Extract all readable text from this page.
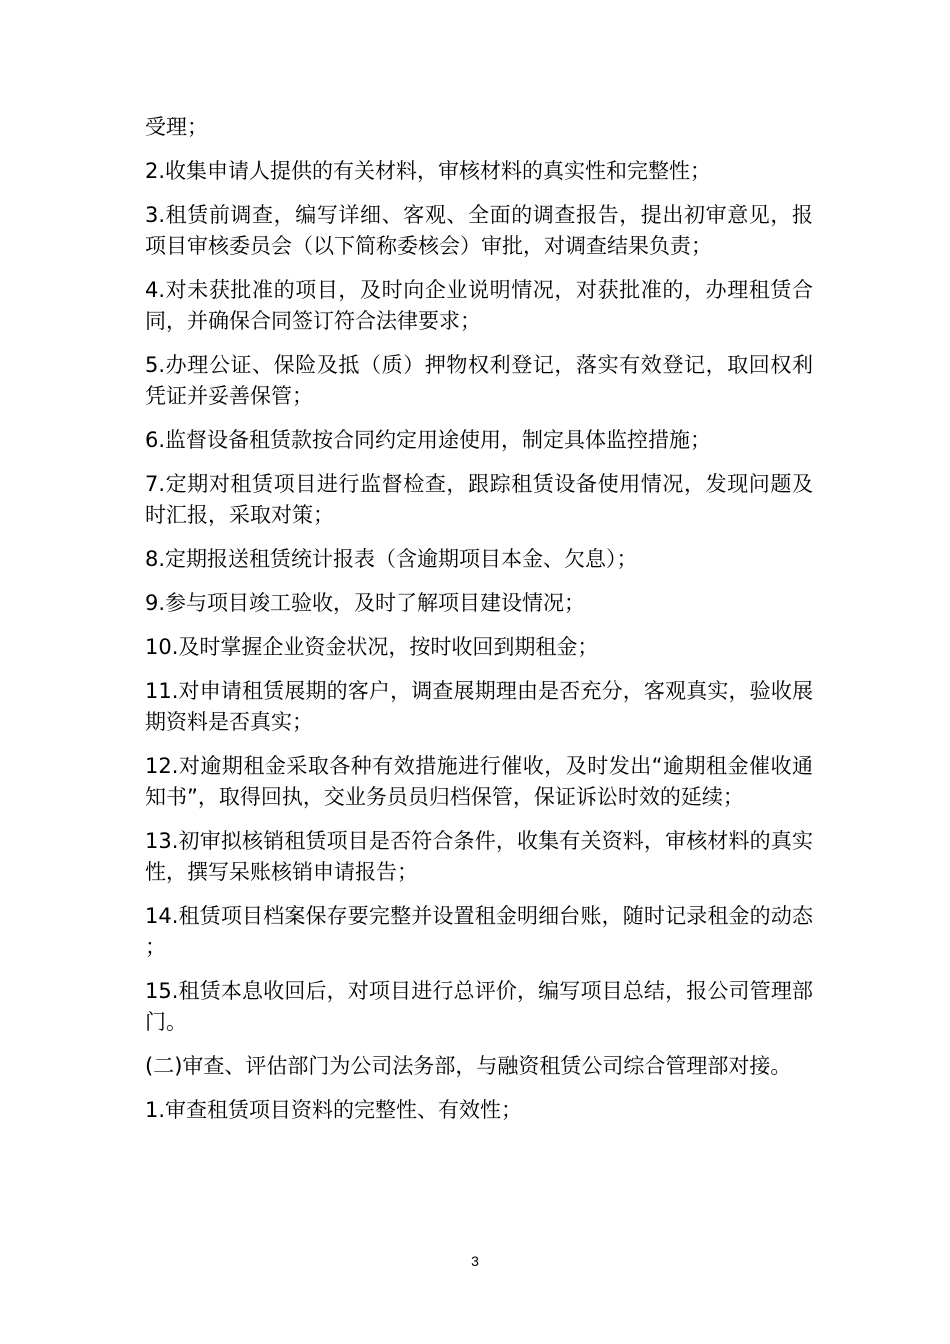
受理；

2.收集申请人提供的有关材料，审核材料的真实性和完整性；

3.租赁前调查，编写详细、客观、全面的调查报告，提出初审意见，报项目审核委员会（以下简称委核会）审批，对调查结果负责；

4.对未获批准的项目，及时向企业说明情况，对获批准的，办理租赁合同，并确保合同签订符合法律要求；

5.办理公证、保险及抵（质）押物权利登记，落实有效登记，取回权利凭证并妥善保管；

6.监督设备租赁款按合同约定用途使用，制定具体监控措施；

7.定期对租赁项目进行监督检查，跟踪租赁设备使用情况，发现问题及时汇报，采取对策；

8.定期报送租赁统计报表（含逾期项目本金、欠息）；

9.参与项目竣工验收，及时了解项目建设情况；

10.及时掌握企业资金状况，按时收回到期租金；

11.对申请租赁展期的客户，调查展期理由是否充分，客观真实，验收展期资料是否真实；

12.对逾期租金采取各种有效措施进行催收，及时发出“逾期租金催收通知书”，取得回执，交业务员员归档保管，保证诉讼时效的延续；

13.初审拟核销租赁项目是否符合条件，收集有关资料，审核材料的真实性，撰写呆账核销申请报告；

14.租赁项目档案保存要完整并设置租金明细台账，随时记录租金的动态；

15.租赁本息收回后，对项目进行总评价，编写项目总结，报公司管理部门。

(二)审查、评估部门为公司法务部，与融资租赁公司综合管理部对接。

1.审查租赁项目资料的完整性、有效性；

3
